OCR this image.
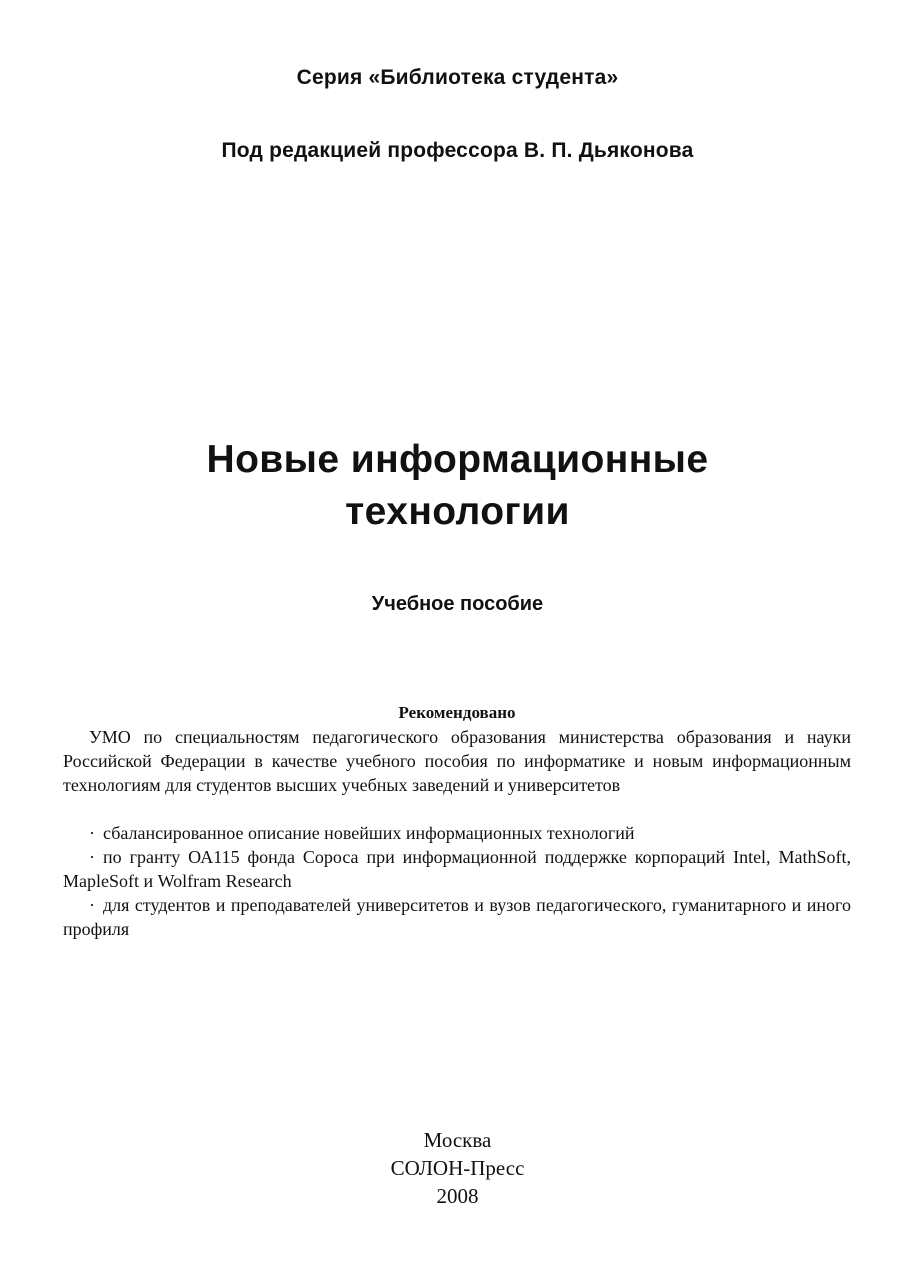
Серия «Библиотека студента»
Под редакцией профессора В. П. Дьяконова
Новые информационные
технологии
Учебное пособие

Рекомендовано

УМО по специальностям педагогического образования министерства образования и науки Российской Федерации в качестве учебного пособия по информатике и новым информационным технологиям для студентов высших учебных заведений и университетов

· сбалансированное описание новейших информационных технологий
· по гранту ОА115 фонда Сороса при информационной поддержке корпораций Intel, MathSoft, MapleSoft и Wolfram Research
· для студентов и преподавателей университетов и вузов педагогического, гуманитарного и иного профиля
Москва
СОЛОН-Пресс
2008
